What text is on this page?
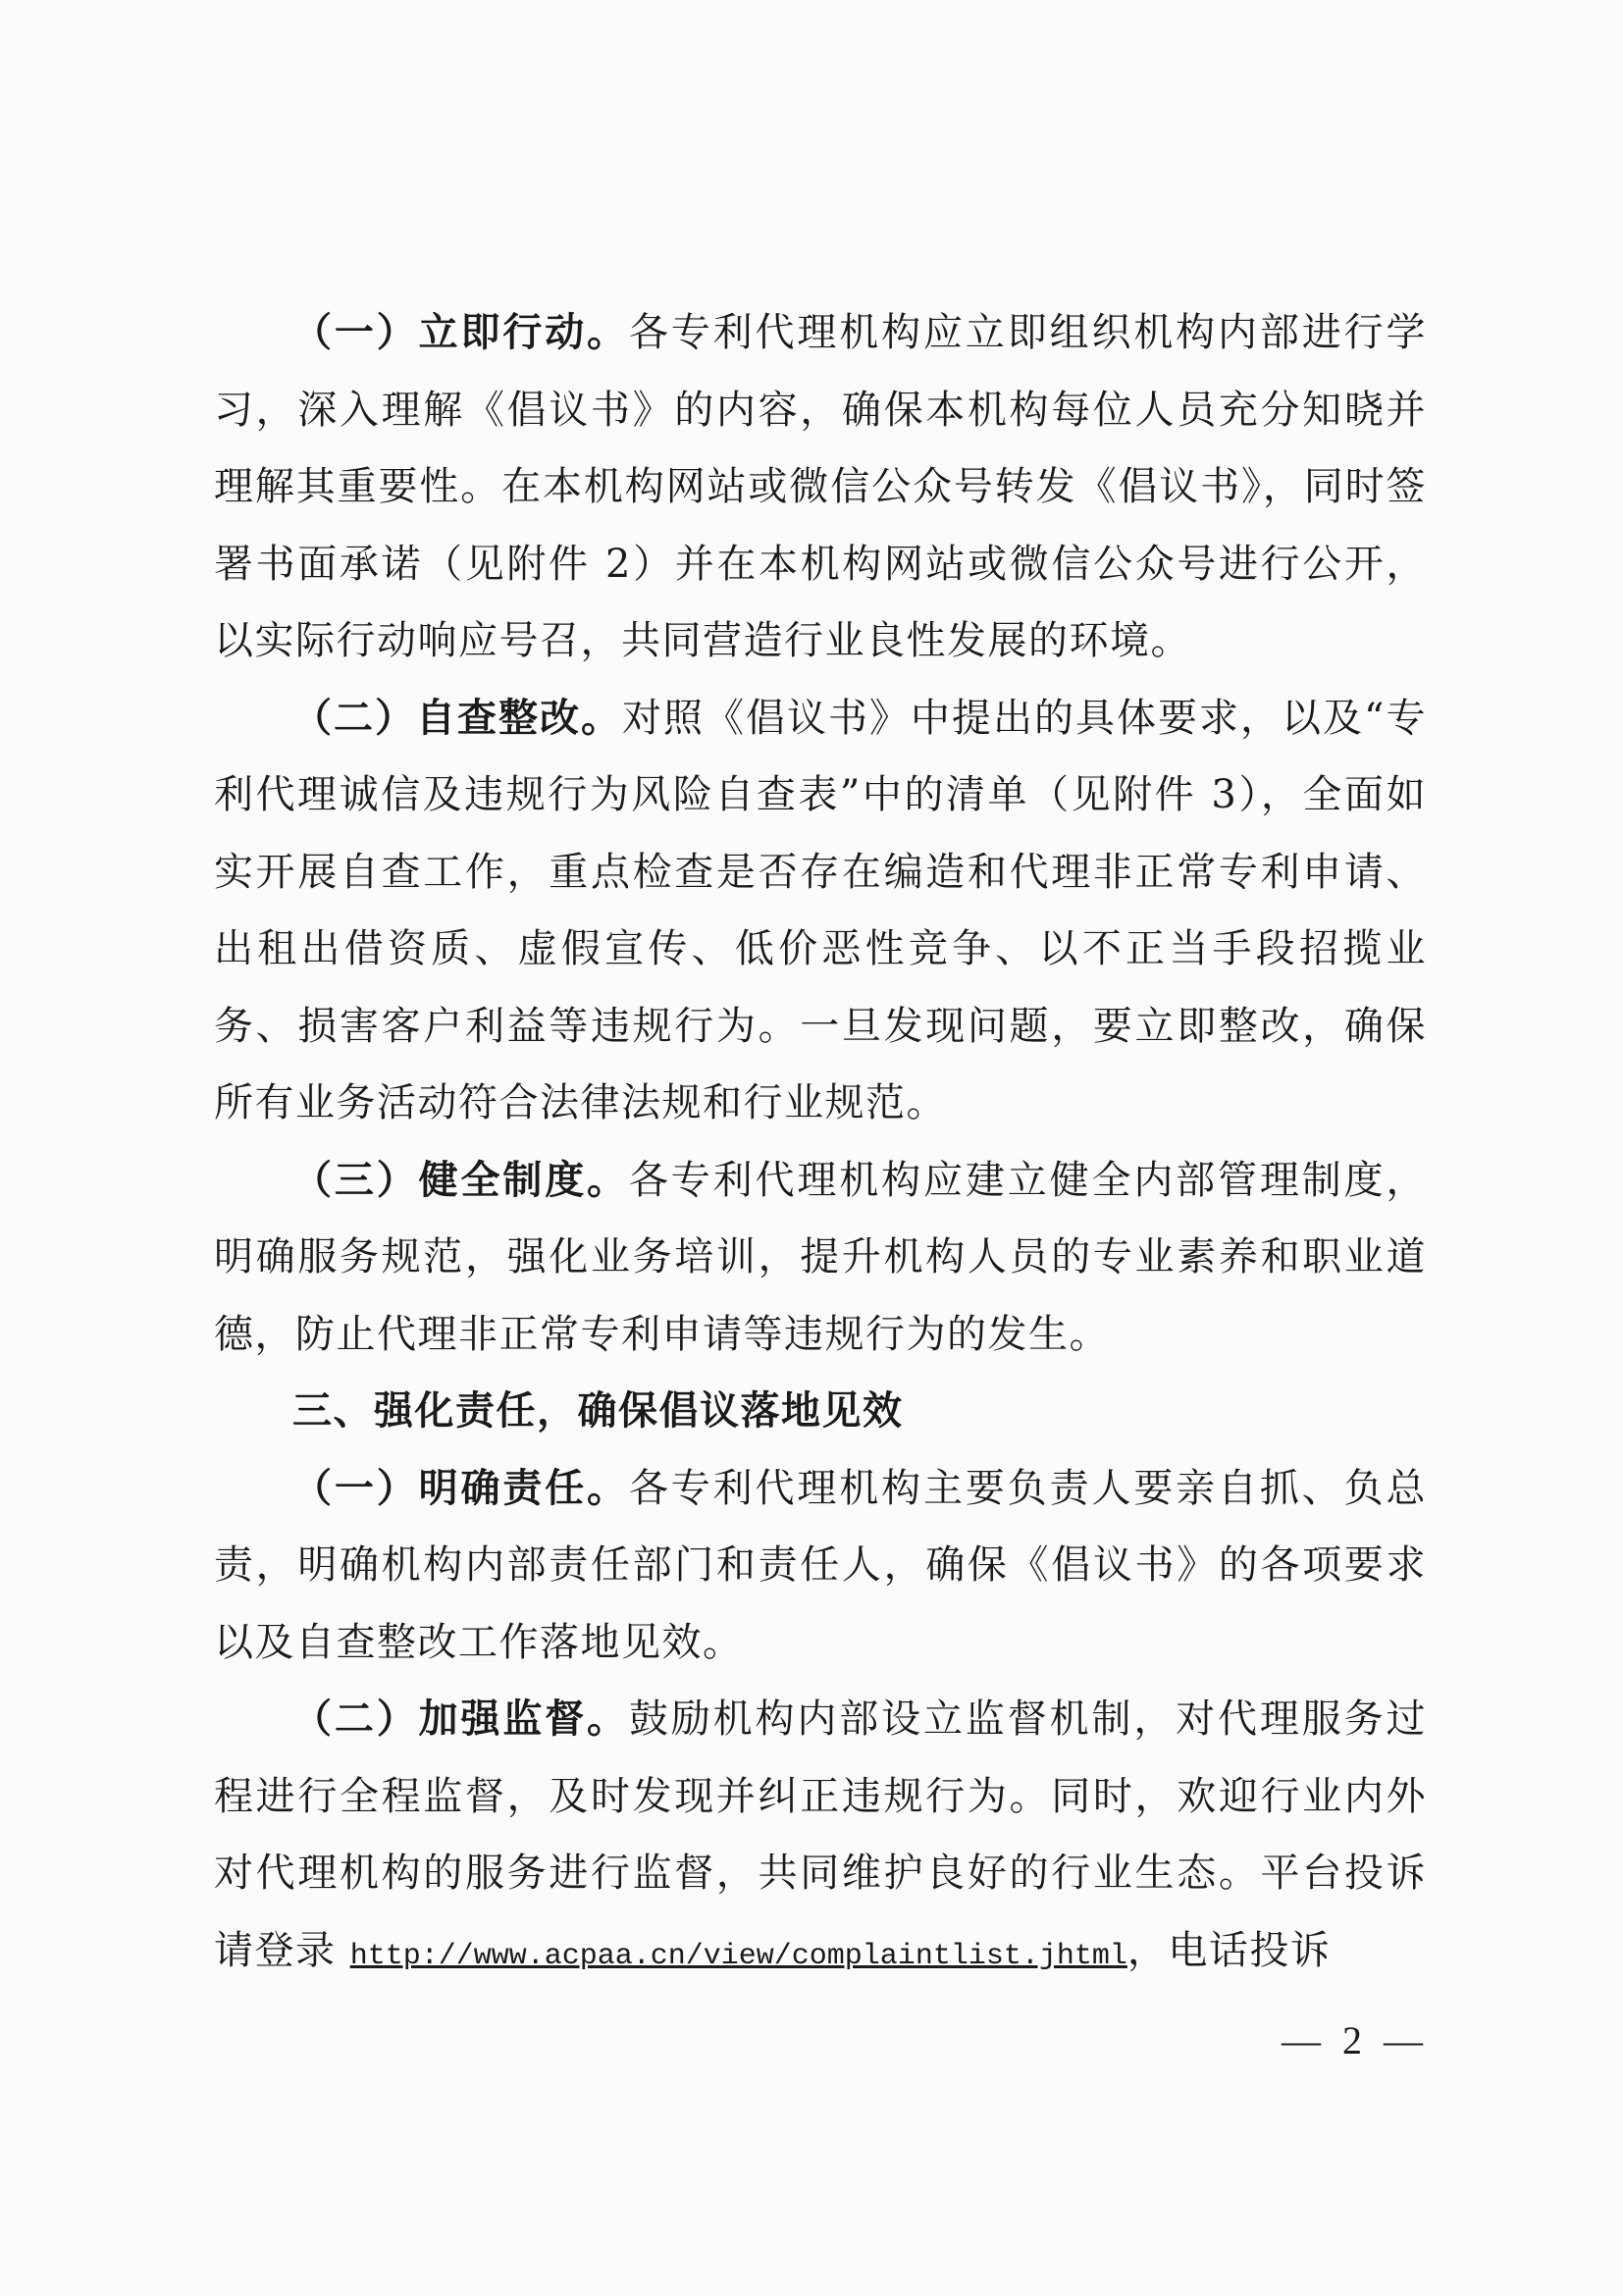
（一）立即行动。各专利代理机构应立即组织机构内部进行学习，深入理解《倡议书》的内容，确保本机构每位人员充分知晓并理解其重要性。在本机构网站或微信公众号转发《倡议书》，同时签署书面承诺（见附件 2）并在本机构网站或微信公众号进行公开，以实际行动响应号召，共同营造行业良性发展的环境。

（二）自查整改。对照《倡议书》中提出的具体要求，以及“专利代理诚信及违规行为风险自查表”中的清单（见附件 3），全面如实开展自查工作，重点检查是否存在编造和代理非正常专利申请、出租出借资质、虚假宣传、低价恶性竞争、以不正当手段招揽业务、损害客户利益等违规行为。一旦发现问题，要立即整改，确保所有业务活动符合法律法规和行业规范。

（三）健全制度。各专利代理机构应建立健全内部管理制度，明确服务规范，强化业务培训，提升机构人员的专业素养和职业道德，防止代理非正常专利申请等违规行为的发生。

三、强化责任，确保倡议落地见效

（一）明确责任。各专利代理机构主要负责人要亲自抓、负总责，明确机构内部责任部门和责任人，确保《倡议书》的各项要求以及自查整改工作落地见效。

（二）加强监督。鼓励机构内部设立监督机制，对代理服务过程进行全程监督，及时发现并纠正违规行为。同时，欢迎行业内外对代理机构的服务进行监督，共同维护良好的行业生态。平台投诉请登录 http://www.acpaa.cn/view/complaintlist.jhtml，电话投诉

— 2 —
